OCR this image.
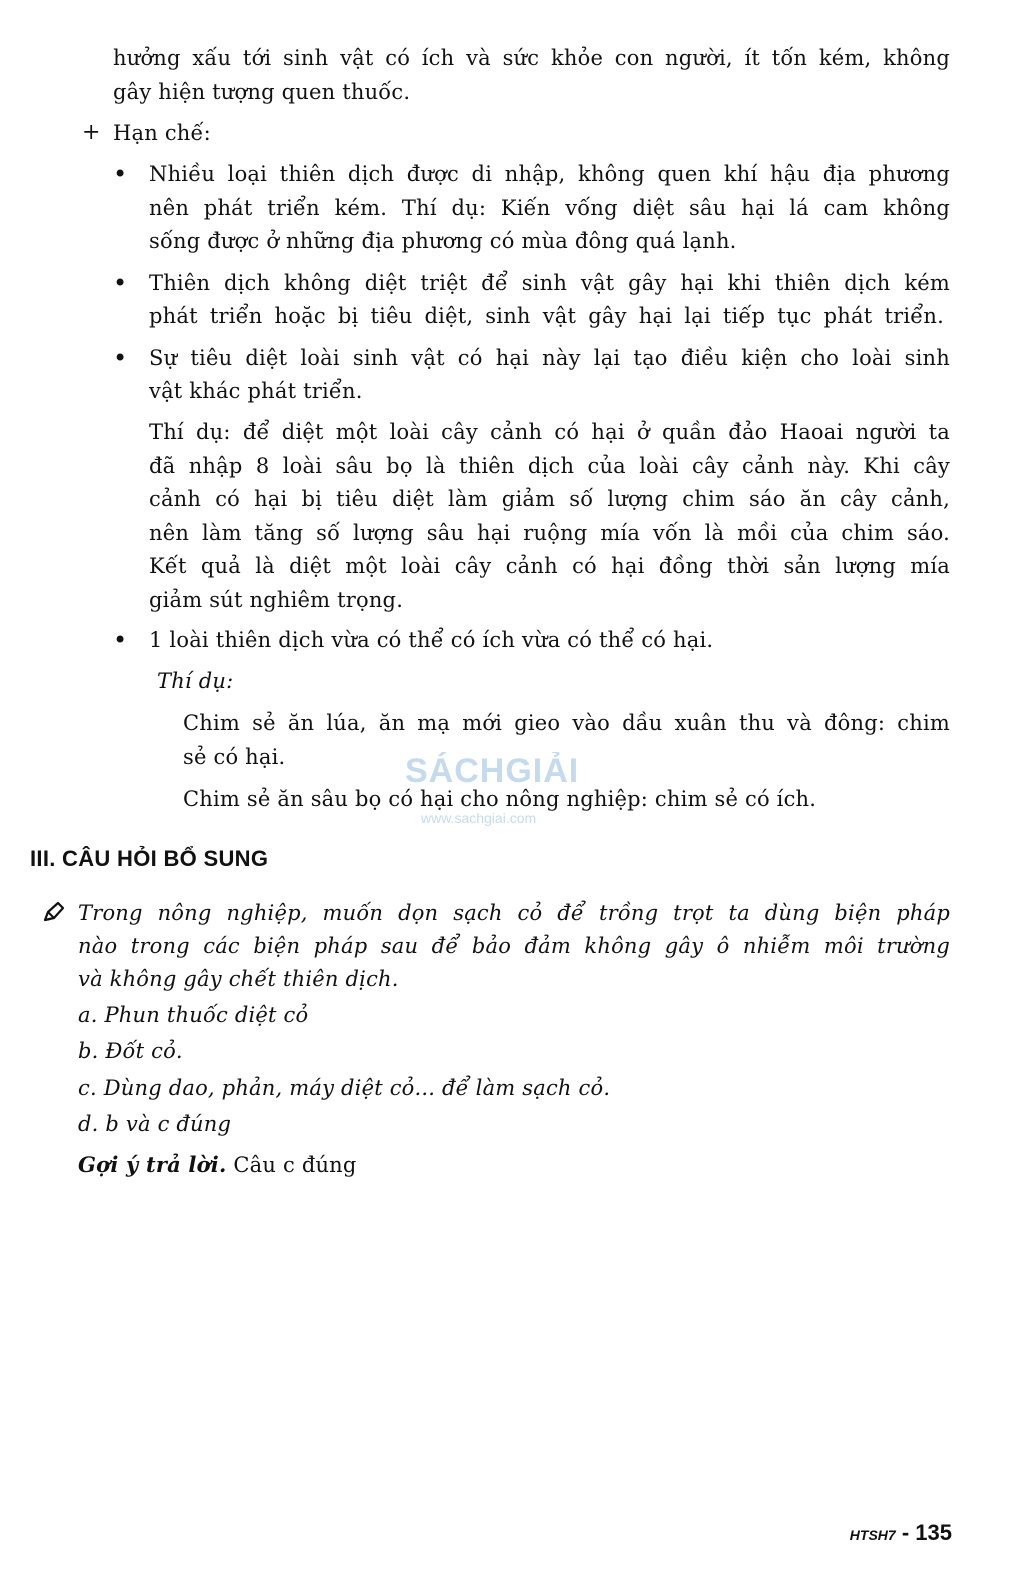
hưởng xấu tới sinh vật có ích và sức khỏe con người, ít tốn kém, không
gây hiện tượng quen thuốc.
+ Hạn chế:
• Nhiều loại thiên dịch được di nhập, không quen khí hậu địa phương
nên phát triển kém. Thí dụ: Kiến vống diệt sâu hại lá cam không
sống được ở những địa phương có mùa đông quá lạnh.
• Thiên dịch không diệt triệt để sinh vật gây hại khi thiên dịch kém
phát triển hoặc bị tiêu diệt, sinh vật gây hại lại tiếp tục phát triển.
• Sự tiêu diệt loài sinh vật có hại này lại tạo điều kiện cho loài sinh
vật khác phát triển.
Thí dụ: để diệt một loài cây cảnh có hại ở quần đảo Haoai người ta
đã nhập 8 loài sâu bọ là thiên dịch của loài cây cảnh này. Khi cây
cảnh có hại bị tiêu diệt làm giảm số lượng chim sáo ăn cây cảnh,
nên làm tăng số lượng sâu hại ruộng mía vốn là mồi của chim sáo.
Kết quả là diệt một loài cây cảnh có hại đồng thời sản lượng mía
giảm sút nghiêm trọng.
• 1 loài thiên dịch vừa có thể có ích vừa có thể có hại.
Thí dụ:
Chim sẻ ăn lúa, ăn mạ mới gieo vào dầu xuân thu và đông: chim
sẻ có hại.
Chim sẻ ăn sâu bọ có hại cho nông nghiệp: chim sẻ có ích.
SÁCHGIẢI
www.sachgiai.com
III. CÂU HỎI BỔ SUNG
Trong nông nghiệp, muốn dọn sạch cỏ để trồng trọt ta dùng biện pháp
nào trong các biện pháp sau để bảo đảm không gây ô nhiễm môi trường
và không gây chết thiên dịch.
a. Phun thuốc diệt cỏ
b. Đốt cỏ.
c. Dùng dao, phản, máy diệt cỏ... để làm sạch cỏ.
d. b và c đúng
Gợi ý trả lời. Câu c đúng
HTSH7 - 135
